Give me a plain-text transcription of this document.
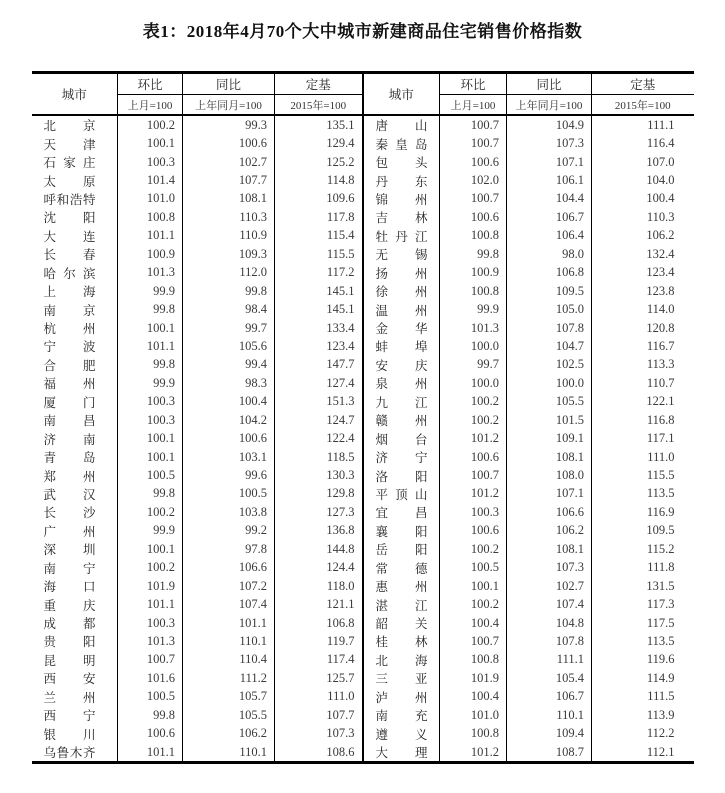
表1：2018年4月70个大中城市新建商品住宅销售价格指数
城市	环比	同比	定基	城市	环比	同比	定基
	上月=100	上年同月=100	2015年=100		上月=100	上年同月=100	2015年=100
北京	100.2	99.3	135.1	唐山	100.7	104.9	111.1
天津	100.1	100.6	129.4	秦皇岛	100.7	107.3	116.4
石家庄	100.3	102.7	125.2	包头	100.6	107.1	107.0
太原	101.4	107.7	114.8	丹东	102.0	106.1	104.0
呼和浩特	101.0	108.1	109.6	锦州	100.7	104.4	100.4
沈阳	100.8	110.3	117.8	吉林	100.6	106.7	110.3
大连	101.1	110.9	115.4	牡丹江	100.8	106.4	106.2
长春	100.9	109.3	115.5	无锡	99.8	98.0	132.4
哈尔滨	101.3	112.0	117.2	扬州	100.9	106.8	123.4
上海	99.9	99.8	145.1	徐州	100.8	109.5	123.8
南京	99.8	98.4	145.1	温州	99.9	105.0	114.0
杭州	100.1	99.7	133.4	金华	101.3	107.8	120.8
宁波	101.1	105.6	123.4	蚌埠	100.0	104.7	116.7
合肥	99.8	99.4	147.7	安庆	99.7	102.5	113.3
福州	99.9	98.3	127.4	泉州	100.0	100.0	110.7
厦门	100.3	100.4	151.3	九江	100.2	105.5	122.1
南昌	100.3	104.2	124.7	赣州	100.2	101.5	116.8
济南	100.1	100.6	122.4	烟台	101.2	109.1	117.1
青岛	100.1	103.1	118.5	济宁	100.6	108.1	111.0
郑州	100.5	99.6	130.3	洛阳	100.7	108.0	115.5
武汉	99.8	100.5	129.8	平顶山	101.2	107.1	113.5
长沙	100.2	103.8	127.3	宜昌	100.3	106.6	116.9
广州	99.9	99.2	136.8	襄阳	100.6	106.2	109.5
深圳	100.1	97.8	144.8	岳阳	100.2	108.1	115.2
南宁	100.2	106.6	124.4	常德	100.5	107.3	111.8
海口	101.9	107.2	118.0	惠州	100.1	102.7	131.5
重庆	101.1	107.4	121.1	湛江	100.2	107.4	117.3
成都	100.3	101.1	106.8	韶关	100.4	104.8	117.5
贵阳	101.3	110.1	119.7	桂林	100.7	107.8	113.5
昆明	100.7	110.4	117.4	北海	100.8	111.1	119.6
西安	101.6	111.2	125.7	三亚	101.9	105.4	114.9
兰州	100.5	105.7	111.0	泸州	100.4	106.7	111.5
西宁	99.8	105.5	107.7	南充	101.0	110.1	113.9
银川	100.6	106.2	107.3	遵义	100.8	109.4	112.2
乌鲁木齐	101.1	110.1	108.6	大理	101.2	108.7	112.1
